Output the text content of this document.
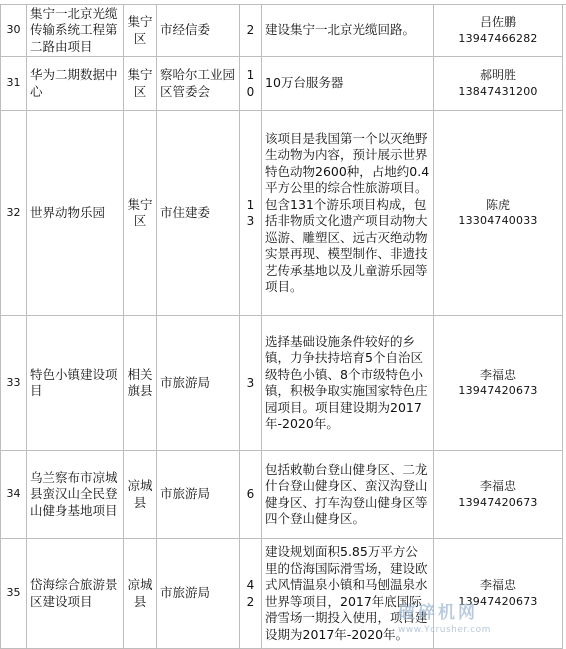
30	集宁一北京光缆传输系统工程第二路由项目	集宁区	市经信委	2	建设集宁一北京光缆回路。	吕佐鹏
13947466282

31	华为二期数据中心	集宁区	察哈尔工业园区管委会	10	10万台服务器	郝明胜
13847431200

32	世界动物乐园	集宁区	市住建委	13	该项目是我国第一个以灭绝野生动物为内容，预计展示世界特色动物2600种，占地约0.4平方公里的综合性旅游项目。包含131个游乐项目构成，包括非物质文化遗产项目动物大巡游、雕塑区、远古灭绝动物实景再现、模型制作、非遗技艺传承基地以及儿童游乐园等项目。	陈虎
13304740033

33	特色小镇建设项目	相关旗县	市旅游局	3	选择基础设施条件较好的乡镇，力争扶持培育5个自治区级特色小镇、8个市级特色小镇，积极争取实施国家特色庄园项目。项目建设期为2017年-2020年。	李福忠
13947420673

34	乌兰察布市凉城县蛮汉山全民登山健身基地项目	凉城县	市旅游局	6	包括敕勒台登山健身区、二龙什台登山健身区、蛮汉沟登山健身区、打车沟登山健身区等四个登山健身区。	李福忠
13947420673

35	岱海综合旅游景区建设项目	凉城县	市旅游局	42	建设规划面积5.85万平方公里的岱海国际滑雪场，建设欧式风情温泉小镇和马刨温泉水世界等项目，2017年底国际滑雪场一期投入使用，项目建设期为2017年-2020年。	李福忠
13947420673
破碎机网
www.Ycrusher.com
